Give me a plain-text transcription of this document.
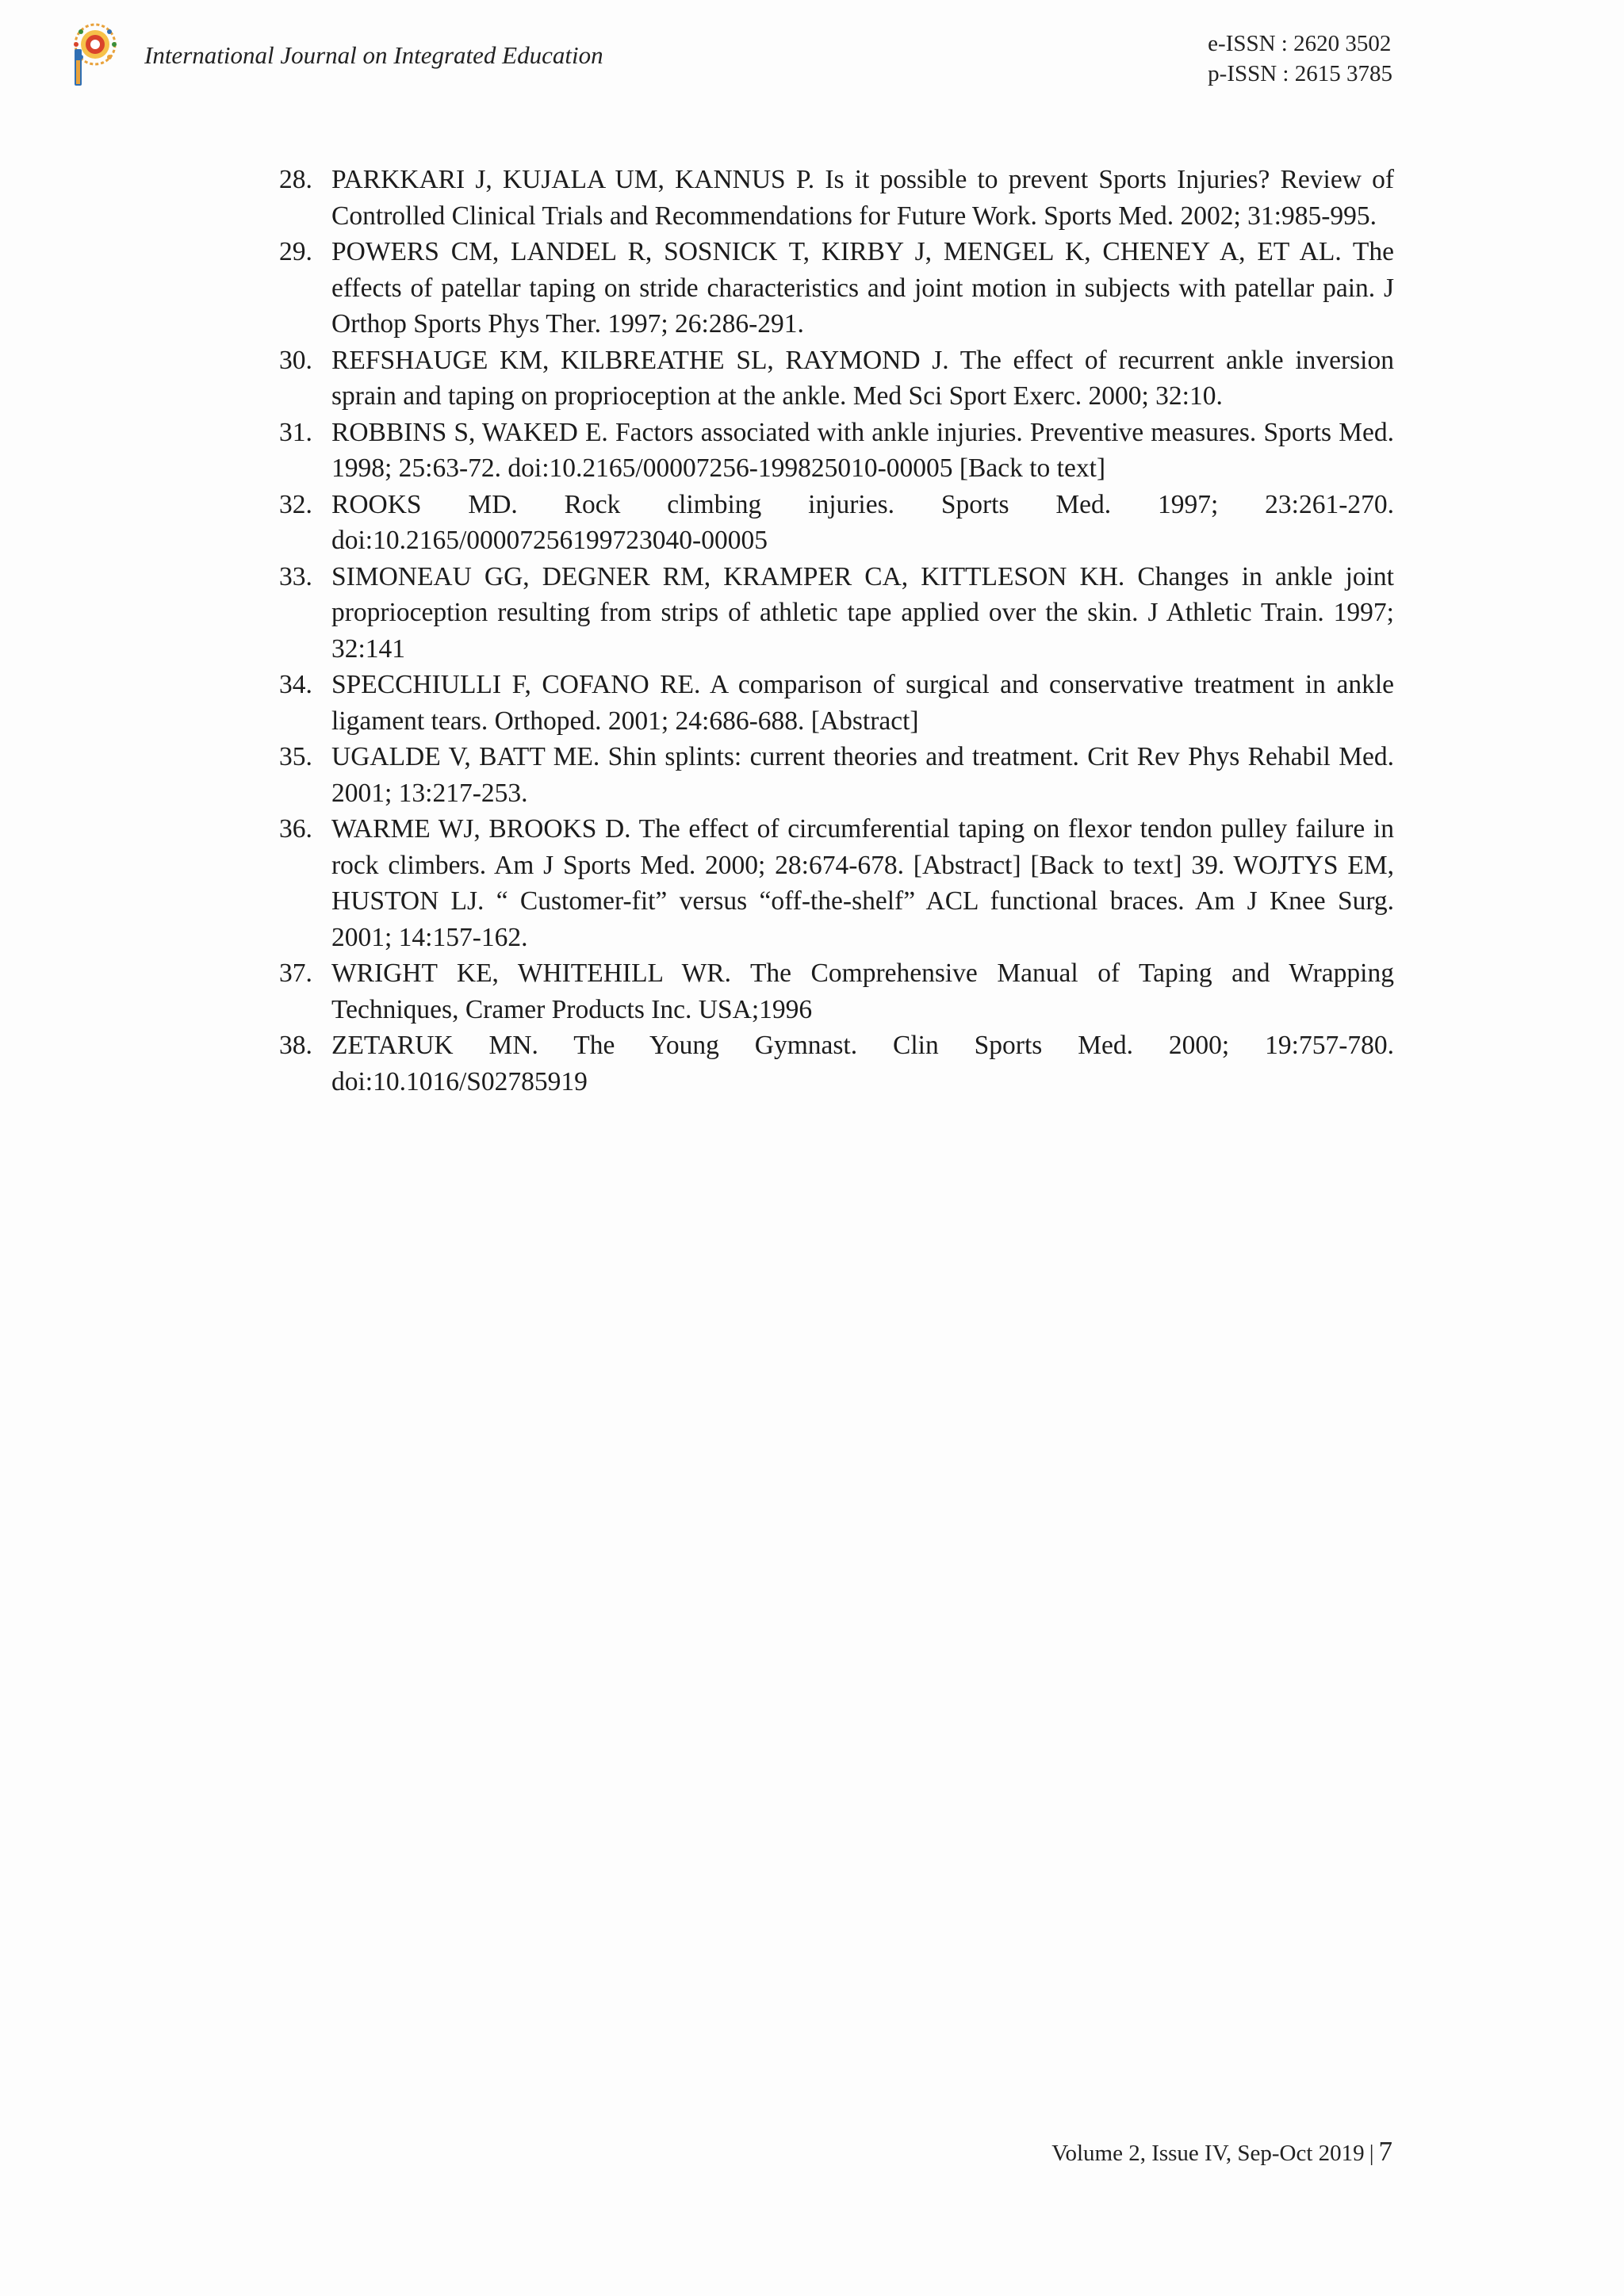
International Journal on Integrated Education	e-ISSN : 2620 3502
p-ISSN : 2615 3785
28. PARKKARI J, KUJALA UM, KANNUS P. Is it possible to prevent Sports Injuries? Review of Controlled Clinical Trials and Recommendations for Future Work. Sports Med. 2002; 31:985-995.
29. POWERS CM, LANDEL R, SOSNICK T, KIRBY J, MENGEL K, CHENEY A, ET AL. The effects of patellar taping on stride characteristics and joint motion in subjects with patellar pain. J Orthop Sports Phys Ther. 1997; 26:286-291.
30. REFSHAUGE KM, KILBREATHE SL, RAYMOND J. The effect of recurrent ankle inversion sprain and taping on proprioception at the ankle. Med Sci Sport Exerc. 2000; 32:10.
31. ROBBINS S, WAKED E. Factors associated with ankle injuries. Preventive measures. Sports Med. 1998; 25:63-72. doi:10.2165/00007256-199825010-00005 [Back to text]
32. ROOKS MD. Rock climbing injuries. Sports Med. 1997; 23:261-270. doi:10.2165/00007256199723040-00005
33. SIMONEAU GG, DEGNER RM, KRAMPER CA, KITTLESON KH. Changes in ankle joint proprioception resulting from strips of athletic tape applied over the skin. J Athletic Train. 1997; 32:141
34. SPECCHIULLI F, COFANO RE. A comparison of surgical and conservative treatment in ankle ligament tears. Orthoped. 2001; 24:686-688. [Abstract]
35. UGALDE V, BATT ME. Shin splints: current theories and treatment. Crit Rev Phys Rehabil Med. 2001; 13:217-253.
36. WARME WJ, BROOKS D. The effect of circumferential taping on flexor tendon pulley failure in rock climbers. Am J Sports Med. 2000; 28:674-678. [Abstract] [Back to text] 39. WOJTYS EM, HUSTON LJ. “ Customer-fit” versus “off-the-shelf” ACL functional braces. Am J Knee Surg. 2001; 14:157-162.
37. WRIGHT KE, WHITEHILL WR. The Comprehensive Manual of Taping and Wrapping Techniques, Cramer Products Inc. USA;1996
38. ZETARUK MN. The Young Gymnast. Clin Sports Med. 2000; 19:757-780. doi:10.1016/S02785919
Volume 2, Issue IV, Sep-Oct 2019 | 7
